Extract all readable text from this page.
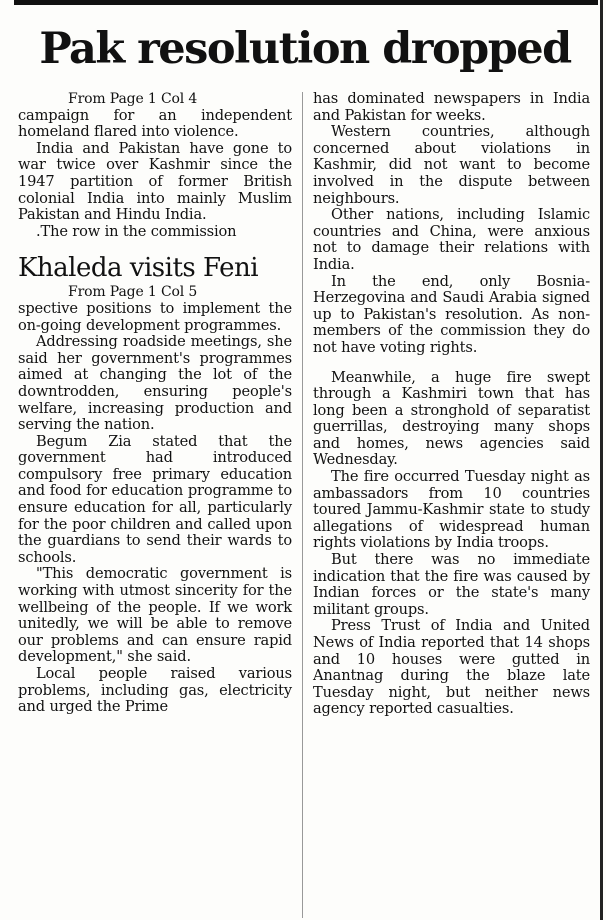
Pak resolution dropped
From Page 1 Col 4

campaign for an independent homeland flared into violence.

India and Pakistan have gone to war twice over Kashmir since the 1947 partition of former British colonial India into mainly Muslim Pakistan and Hindu India.

.The row in the commission

Khaleda visits Feni
From Page 1 Col 5

spective positions to implement the on-going development programmes.

Addressing roadside meetings, she said her government's programmes aimed at changing the lot of the downtrodden, ensuring people's welfare, increasing production and serving the nation.

Begum Zia stated that the government had introduced compulsory free primary education and food for education programme to ensure education for all, particularly for the poor children and called upon the guardians to send their wards to schools.

"This democratic government is working with utmost sincerity for the wellbeing of the people. If we work unitedly, we will be able to remove our problems and can ensure rapid development," she said.

Local people raised various problems, including gas, electricity and urged the Prime

has dominated newspapers in India and Pakistan for weeks.

Western countries, although concerned about violations in Kashmir, did not want to become involved in the dispute between neighbours.

Other nations, including Islamic countries and China, were anxious not to damage their relations with India.

In the end, only Bosnia-Herzegovina and Saudi Arabia signed up to Pakistan's resolution. As non-members of the commission they do not have voting rights.

Meanwhile, a huge fire swept through a Kashmiri town that has long been a stronghold of separatist guerrillas, destroying many shops and homes, news agencies said Wednesday.

The fire occurred Tuesday night as ambassadors from 10 countries toured Jammu-Kashmir state to study allegations of widespread human rights violations by India troops.

But there was no immediate indication that the fire was caused by Indian forces or the state's many militant groups.

Press Trust of India and United News of India reported that 14 shops and 10 houses were gutted in Anantnag during the blaze late Tuesday night, but neither news agency reported casualties.
